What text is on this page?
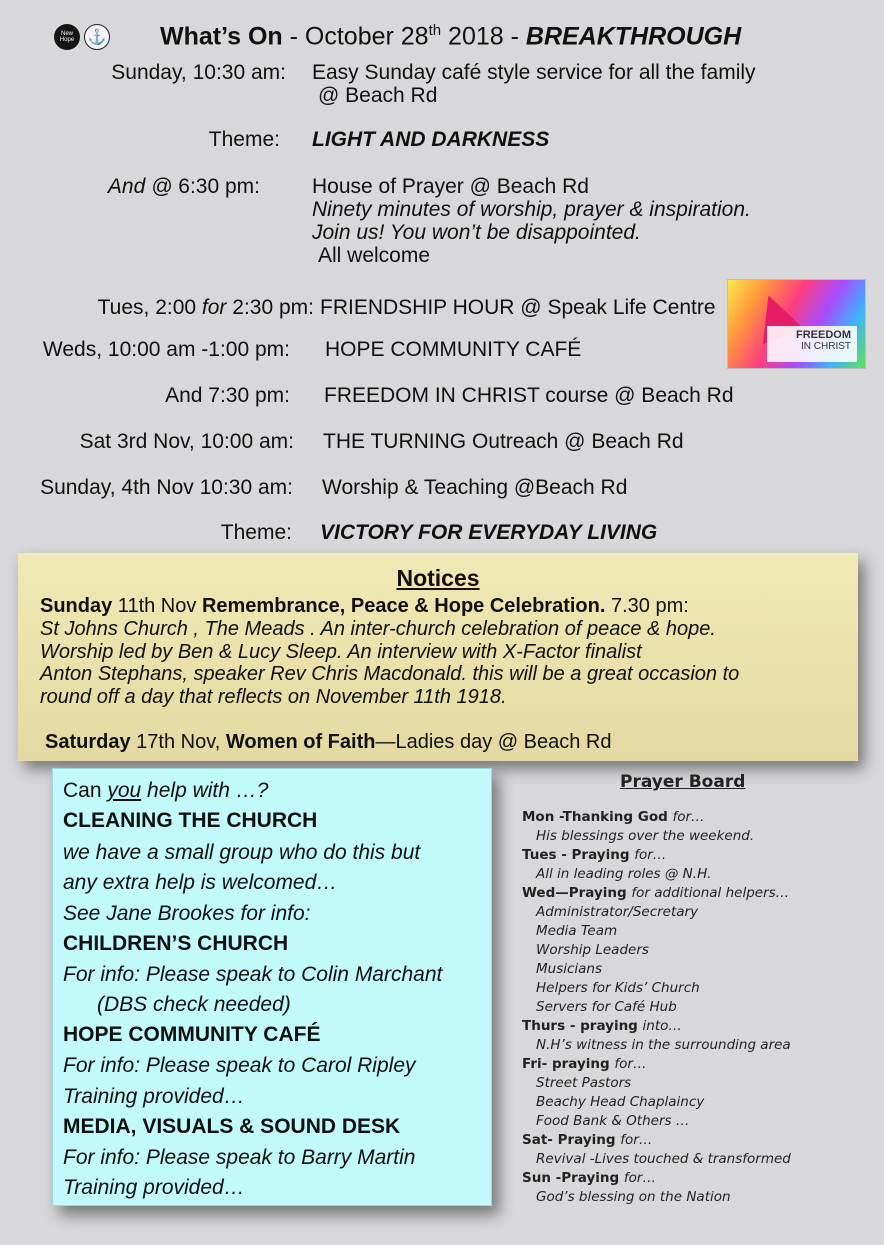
New Hope ⚓ What’s On - October 28th 2018 - BREAKTHROUGH
Sunday, 10:30 am: Easy Sunday café style service for all the family
@ Beach Rd
Theme: LIGHT AND DARKNESS
And @ 6:30 pm: House of Prayer @ Beach Rd
Ninety minutes of worship, prayer & inspiration.
Join us! You won’t be disappointed.
All welcome
Tues, 2:00 for 2:30 pm: FRIENDSHIP HOUR @ Speak Life Centre
Weds, 10:00 am -1:00 pm: HOPE COMMUNITY CAFÉ
And 7:30 pm: FREEDOM IN CHRIST course @ Beach Rd
Sat 3rd Nov, 10:00 am: THE TURNING Outreach @ Beach Rd
Sunday, 4th Nov 10:30 am: Worship & Teaching @Beach Rd
Theme: VICTORY FOR EVERYDAY LIVING
FREEDOM
IN CHRIST
Notices
Sunday 11th Nov Remembrance, Peace & Hope Celebration. 7.30 pm:
St Johns Church , The Meads . An inter-church celebration of peace & hope.
Worship led by Ben & Lucy Sleep. An interview with X-Factor finalist
Anton Stephans, speaker Rev Chris Macdonald. this will be a great occasion to
round off a day that reflects on November 11th 1918.
Saturday 17th Nov, Women of Faith—Ladies day @ Beach Rd
Can you help with …?
CLEANING THE CHURCH
we have a small group who do this but
any extra help is welcomed…
See Jane Brookes for info:
CHILDREN’S CHURCH
For info: Please speak to Colin Marchant
(DBS check needed)
HOPE COMMUNITY CAFÉ
For info: Please speak to Carol Ripley
Training provided…
MEDIA, VISUALS & SOUND DESK
For info: Please speak to Barry Martin
Training provided…
Prayer Board
Mon -Thanking God for…
His blessings over the weekend.
Tues - Praying for…
All in leading roles @ N.H.
Wed—Praying for additional helpers…
Administrator/Secretary
Media Team
Worship Leaders
Musicians
Helpers for Kids’ Church
Servers for Café Hub
Thurs - praying into…
N.H’s witness in the surrounding area
Fri- praying for…
Street Pastors
Beachy Head Chaplaincy
Food Bank & Others …
Sat- Praying for…
Revival -Lives touched & transformed
Sun -Praying for…
God’s blessing on the Nation
